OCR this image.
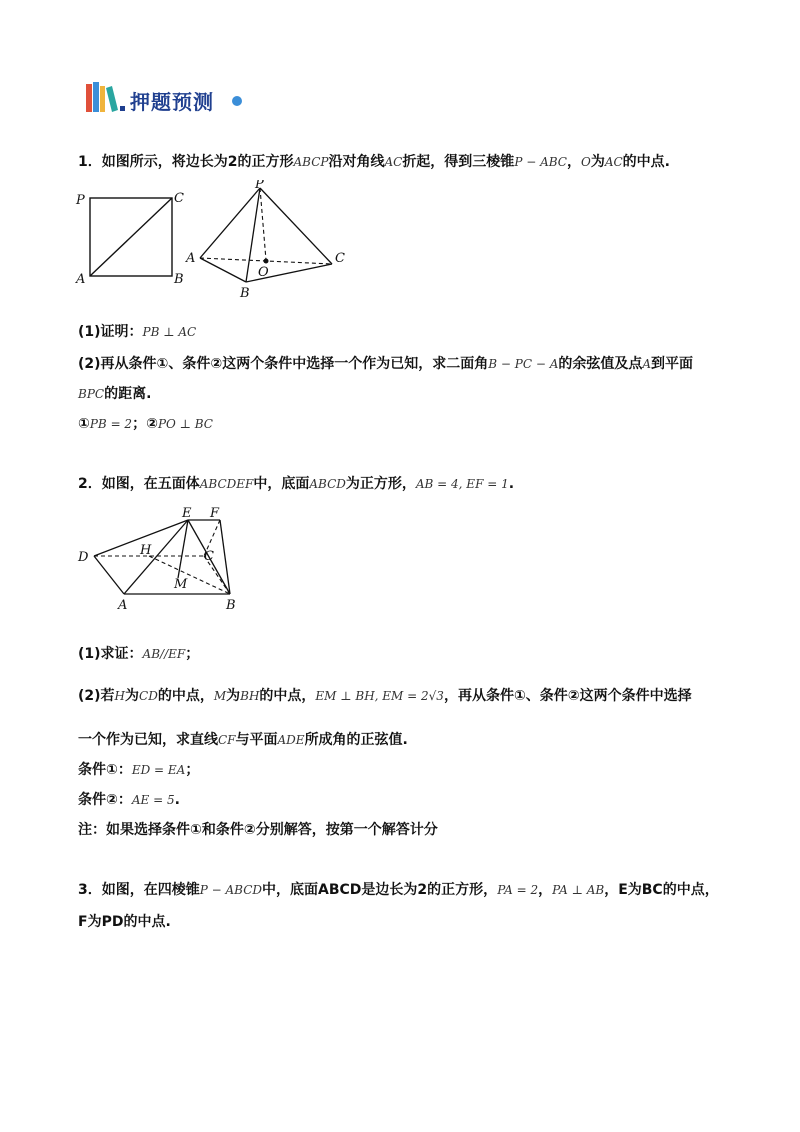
押题预测
1．如图所示，将边长为2的正方形ABCP沿对角线AC折起，得到三棱锥P − ABC，O为AC的中点.
P	C
A	B
P
A
O
C
B
(1)证明：PB ⊥ AC
(2)再从条件①、条件②这两个条件中选择一个作为已知，求二面角B − PC − A的余弦值及点A到平面
BPC的距离.
①PB = 2；②PO ⊥ BC
2．如图，在五面体ABCDEF中，底面ABCD为正方形，AB = 4, EF = 1.
E F
D	H	C
M
A	B
(1)求证：AB//EF；
(2)若H为CD的中点，M为BH的中点，EM ⊥ BH, EM = 2√3，再从条件①、条件②这两个条件中选择
一个作为已知，求直线CF与平面ADE所成角的正弦值.
条件①：ED = EA；
条件②：AE = 5.
注：如果选择条件①和条件②分别解答，按第一个解答计分
3．如图，在四棱锥P − ABCD中，底面ABCD是边长为2的正方形，PA = 2，PA ⊥ AB，E为BC的中点，
F为PD的中点.
